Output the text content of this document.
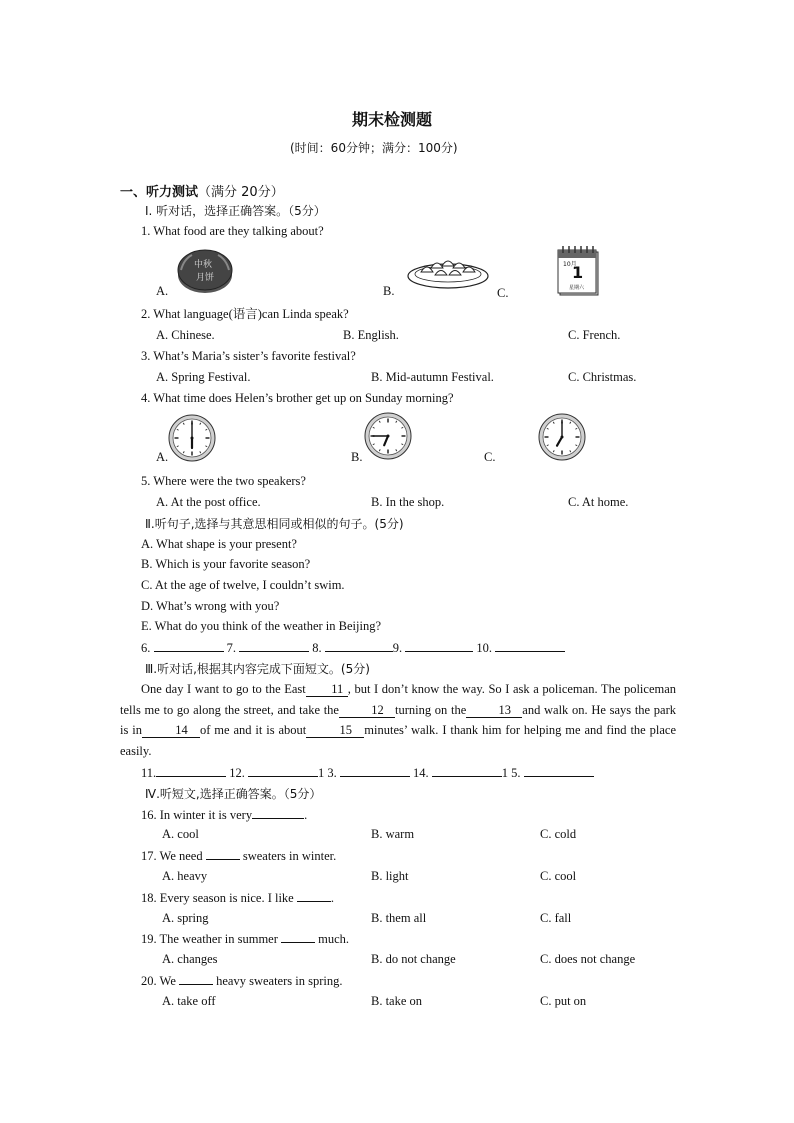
期末检测题
(时间：60分钟；满分：100分)
一、听力测试（满分 20分）
Ⅰ. 听对话，选择正确答案。（5分）
1. What food are they talking about?
A.	B.	C.
中秋
月饼
10月
1
星期六
2. What language(语言)can Linda speak?
A. Chinese.	B. English.	C. French.
3. What’s Maria’s sister’s favorite festival?
A. Spring Festival.	B. Mid-autumn Festival.	C. Christmas.
4. What time does Helen’s brother get up on Sunday morning?
A.	B.	C.
5. Where were the two speakers?
A. At the post office.	B. In the shop.	C. At home.
Ⅱ.听句子,选择与其意思相同或相似的句子。(5分)
A. What shape is your present?
B. Which is your favorite season?
C. At the age of twelve, I couldn’t swim.
D. What’s wrong with you?
E. What do you think of the weather in Beijing?
6.	7.	8.	9.	10.
Ⅲ.听对话,根据其内容完成下面短文。(5分)

One day I want to go to the East 11 , but I don’t know the way. So I ask a policeman. The policeman tells me to go along the street, and take the	12 turning on the	13 and walk on. He says the park is in	14 of me and it is about	15 minutes’ walk. I thank him for helping me and find the place easily.

11.	12.	1 3.	14.	1 5.
Ⅳ.听短文,选择正确答案。（5分）
16. In winter it is very	.
A. cool	B. warm	C. cold
17. We need	sweaters in winter.
A. heavy	B. light	C. cool
18. Every season is nice. I like	.
A. spring	B. them all	C. fall
19. The weather in summer	much.
A. changes	B. do not change	C. does not change
20. We	heavy sweaters in spring.
A. take off	B. take on	C. put on
